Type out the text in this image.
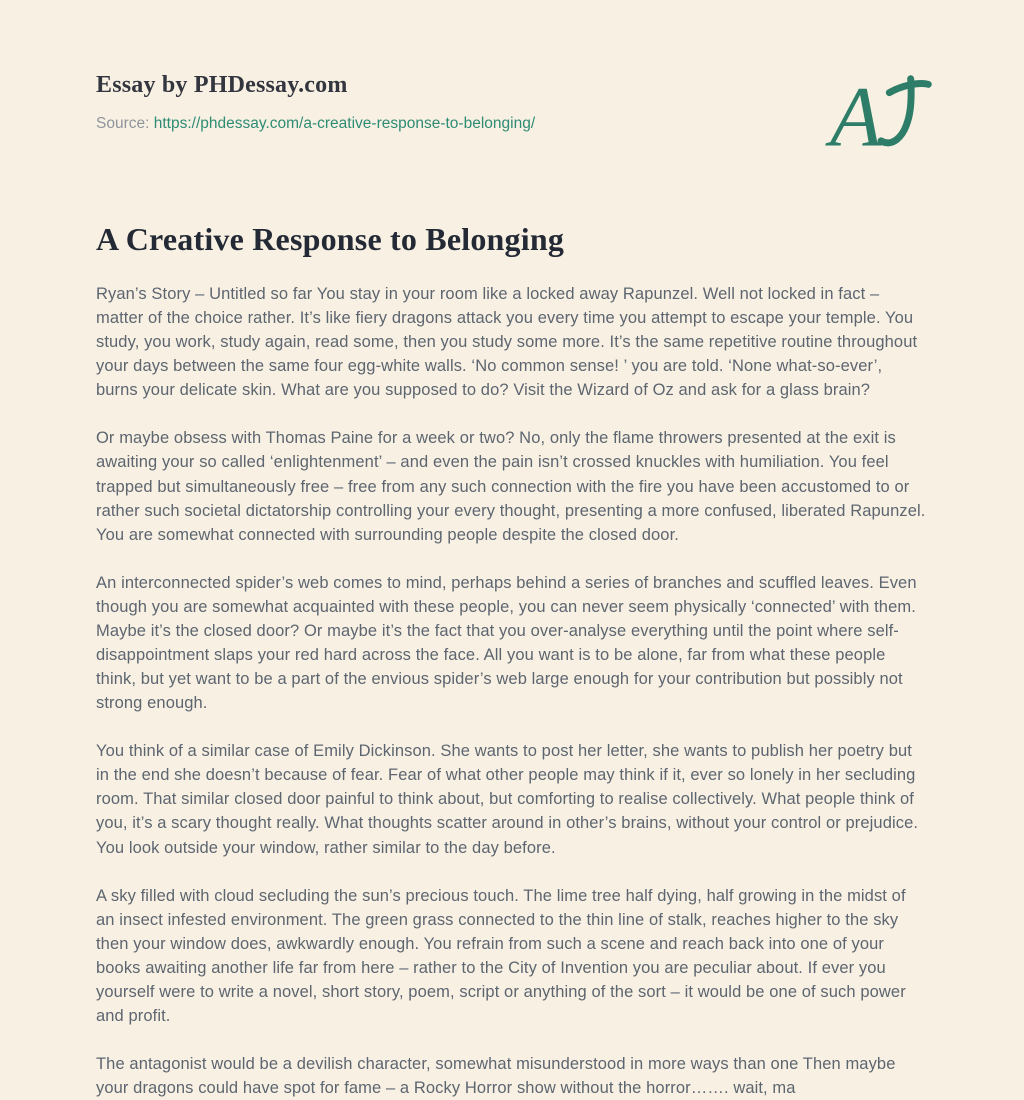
Essay by PHDessay.com
Source: https://phdessay.com/a-creative-response-to-belonging/	A
A Creative Response to Belonging

Ryan’s Story – Untitled so far You stay in your room like a locked away Rapunzel. Well not locked in fact – matter of the choice rather. It’s like fiery dragons attack you every time you attempt to escape your temple. You study, you work, study again, read some, then you study some more. It’s the same repetitive routine throughout your days between the same four egg-white walls. ‘No common sense! ’ you are told. ‘None what-so-ever’, burns your delicate skin. What are you supposed to do? Visit the Wizard of Oz and ask for a glass brain?

Or maybe obsess with Thomas Paine for a week or two? No, only the flame throwers presented at the exit is awaiting your so called ‘enlightenment’ – and even the pain isn’t crossed knuckles with humiliation. You feel trapped but simultaneously free – free from any such connection with the fire you have been accustomed to or rather such societal dictatorship controlling your every thought, presenting a more confused, liberated Rapunzel. You are somewhat connected with surrounding people despite the closed door.

An interconnected spider’s web comes to mind, perhaps behind a series of branches and scuffled leaves. Even though you are somewhat acquainted with these people, you can never seem physically ‘connected’ with them. Maybe it’s the closed door? Or maybe it’s the fact that you over-analyse everything until the point where self-disappointment slaps your red hard across the face. All you want is to be alone, far from what these people think, but yet want to be a part of the envious spider’s web large enough for your contribution but possibly not strong enough.

You think of a similar case of Emily Dickinson. She wants to post her letter, she wants to publish her poetry but in the end she doesn’t because of fear. Fear of what other people may think if it, ever so lonely in her secluding room. That similar closed door painful to think about, but comforting to realise collectively. What people think of you, it’s a scary thought really. What thoughts scatter around in other’s brains, without your control or prejudice. You look outside your window, rather similar to the day before.

A sky filled with cloud secluding the sun’s precious touch. The lime tree half dying, half growing in the midst of an insect infested environment. The green grass connected to the thin line of stalk, reaches higher to the sky then your window does, awkwardly enough. You refrain from such a scene and reach back into one of your books awaiting another life far from here – rather to the City of Invention you are peculiar about. If ever you yourself were to write a novel, short story, poem, script or anything of the sort – it would be one of such power and profit.

The antagonist would be a devilish character, somewhat misunderstood in more ways than one Then maybe your dragons could have spot for fame – a Rocky Horror show without the horror……. wait, ma
